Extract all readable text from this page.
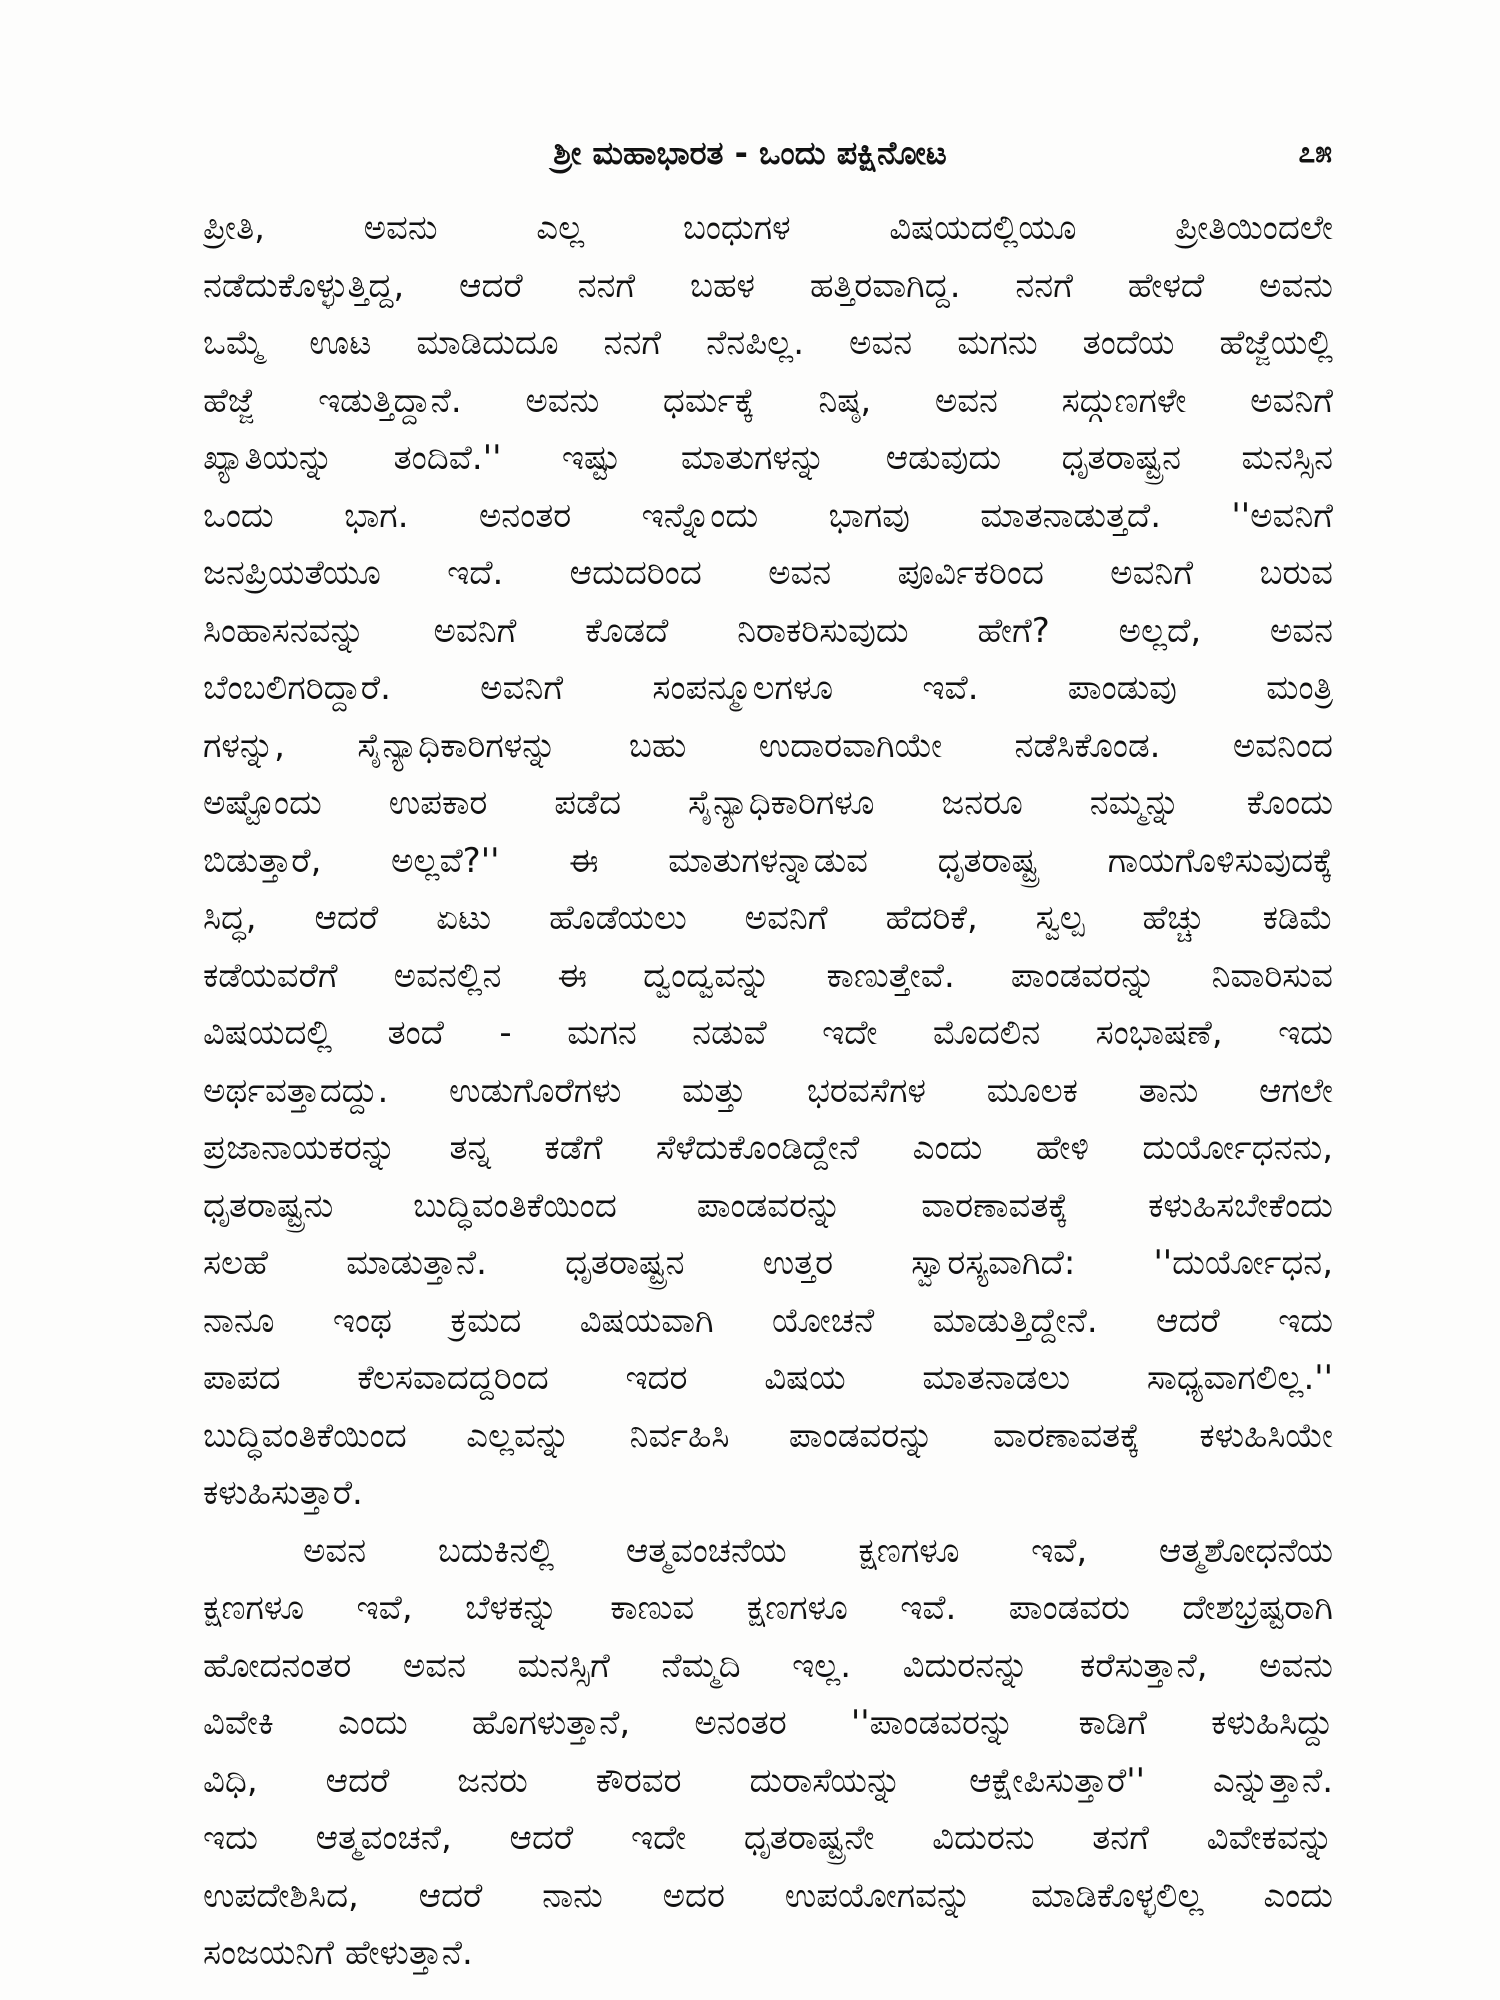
ಶ್ರೀ ಮಹಾಭಾರತ - ಒಂದು ಪಕ್ಷಿನೋಟ	೭೫
ಪ್ರೀತಿ, ಅವನು ಎಲ್ಲ ಬಂಧುಗಳ ವಿಷಯದಲ್ಲಿಯೂ ಪ್ರೀತಿಯಿಂದಲೇ
ನಡೆದುಕೊಳ್ಳುತ್ತಿದ್ದ, ಆದರೆ ನನಗೆ ಬಹಳ ಹತ್ತಿರವಾಗಿದ್ದ. ನನಗೆ ಹೇಳದೆ ಅವನು
ಒಮ್ಮೆ ಊಟ ಮಾಡಿದುದೂ ನನಗೆ ನೆನಪಿಲ್ಲ. ಅವನ ಮಗನು ತಂದೆಯ ಹೆಜ್ಜೆಯಲ್ಲಿ
ಹೆಜ್ಜೆ ಇಡುತ್ತಿದ್ದಾನೆ. ಅವನು ಧರ್ಮಕ್ಕೆ ನಿಷ್ಠ, ಅವನ ಸದ್ಗುಣಗಳೇ ಅವನಿಗೆ
ಖ್ಯಾತಿಯನ್ನು ತಂದಿವೆ.'' ಇಷ್ಟು ಮಾತುಗಳನ್ನು ಆಡುವುದು ಧೃತರಾಷ್ಟ್ರನ ಮನಸ್ಸಿನ
ಒಂದು ಭಾಗ. ಅನಂತರ ಇನ್ನೊಂದು ಭಾಗವು ಮಾತನಾಡುತ್ತದೆ. ''ಅವನಿಗೆ
ಜನಪ್ರಿಯತೆಯೂ ಇದೆ. ಆದುದರಿಂದ ಅವನ ಪೂರ್ವಿಕರಿಂದ ಅವನಿಗೆ ಬರುವ
ಸಿಂಹಾಸನವನ್ನು ಅವನಿಗೆ ಕೊಡದೆ ನಿರಾಕರಿಸುವುದು ಹೇಗೆ? ಅಲ್ಲದೆ, ಅವನ
ಬೆಂಬಲಿಗರಿದ್ದಾರೆ. ಅವನಿಗೆ ಸಂಪನ್ಮೂಲಗಳೂ ಇವೆ. ಪಾಂಡುವು ಮಂತ್ರಿ
ಗಳನ್ನು, ಸೈನ್ಯಾಧಿಕಾರಿಗಳನ್ನು ಬಹು ಉದಾರವಾಗಿಯೇ ನಡೆಸಿಕೊಂಡ. ಅವನಿಂದ
ಅಷ್ಟೊಂದು ಉಪಕಾರ ಪಡೆದ ಸೈನ್ಯಾಧಿಕಾರಿಗಳೂ ಜನರೂ ನಮ್ಮನ್ನು ಕೊಂದು
ಬಿಡುತ್ತಾರೆ, ಅಲ್ಲವೆ?'' ಈ ಮಾತುಗಳನ್ನಾಡುವ ಧೃತರಾಷ್ಟ್ರ ಗಾಯಗೊಳಿಸುವುದಕ್ಕೆ
ಸಿದ್ಧ, ಆದರೆ ಏಟು ಹೊಡೆಯಲು ಅವನಿಗೆ ಹೆದರಿಕೆ, ಸ್ವಲ್ಪ ಹೆಚ್ಚು ಕಡಿಮೆ
ಕಡೆಯವರೆಗೆ ಅವನಲ್ಲಿನ ಈ ದ್ವಂದ್ವವನ್ನು ಕಾಣುತ್ತೇವೆ. ಪಾಂಡವರನ್ನು ನಿವಾರಿಸುವ
ವಿಷಯದಲ್ಲಿ ತಂದೆ - ಮಗನ ನಡುವೆ ಇದೇ ಮೊದಲಿನ ಸಂಭಾಷಣೆ, ಇದು
ಅರ್ಥವತ್ತಾದದ್ದು. ಉಡುಗೊರೆಗಳು ಮತ್ತು ಭರವಸೆಗಳ ಮೂಲಕ ತಾನು ಆಗಲೇ
ಪ್ರಜಾನಾಯಕರನ್ನು ತನ್ನ ಕಡೆಗೆ ಸೆಳೆದುಕೊಂಡಿದ್ದೇನೆ ಎಂದು ಹೇಳಿ ದುರ್ಯೋಧನನು,
ಧೃತರಾಷ್ಟ್ರನು ಬುದ್ಧಿವಂತಿಕೆಯಿಂದ ಪಾಂಡವರನ್ನು ವಾರಣಾವತಕ್ಕೆ ಕಳುಹಿಸಬೇಕೆಂದು
ಸಲಹೆ ಮಾಡುತ್ತಾನೆ. ಧೃತರಾಷ್ಟ್ರನ ಉತ್ತರ ಸ್ವಾರಸ್ಯವಾಗಿದೆ: ''ದುರ್ಯೋಧನ,
ನಾನೂ ಇಂಥ ಕ್ರಮದ ವಿಷಯವಾಗಿ ಯೋಚನೆ ಮಾಡುತ್ತಿದ್ದೇನೆ. ಆದರೆ ಇದು
ಪಾಪದ ಕೆಲಸವಾದದ್ದರಿಂದ ಇದರ ವಿಷಯ ಮಾತನಾಡಲು ಸಾಧ್ಯವಾಗಲಿಲ್ಲ.''
ಬುದ್ಧಿವಂತಿಕೆಯಿಂದ ಎಲ್ಲವನ್ನು ನಿರ್ವಹಿಸಿ ಪಾಂಡವರನ್ನು ವಾರಣಾವತಕ್ಕೆ ಕಳುಹಿಸಿಯೇ
ಕಳುಹಿಸುತ್ತಾರೆ.
ಅವನ ಬದುಕಿನಲ್ಲಿ ಆತ್ಮವಂಚನೆಯ ಕ್ಷಣಗಳೂ ಇವೆ, ಆತ್ಮಶೋಧನೆಯ
ಕ್ಷಣಗಳೂ ಇವೆ, ಬೆಳಕನ್ನು ಕಾಣುವ ಕ್ಷಣಗಳೂ ಇವೆ. ಪಾಂಡವರು ದೇಶಭ್ರಷ್ಟರಾಗಿ
ಹೋದನಂತರ ಅವನ ಮನಸ್ಸಿಗೆ ನೆಮ್ಮದಿ ಇಲ್ಲ. ವಿದುರನನ್ನು ಕರೆಸುತ್ತಾನೆ, ಅವನು
ವಿವೇಕಿ ಎಂದು ಹೊಗಳುತ್ತಾನೆ, ಅನಂತರ ''ಪಾಂಡವರನ್ನು ಕಾಡಿಗೆ ಕಳುಹಿಸಿದ್ದು
ವಿಧಿ, ಆದರೆ ಜನರು ಕೌರವರ ದುರಾಸೆಯನ್ನು ಆಕ್ಷೇಪಿಸುತ್ತಾರೆ'' ಎನ್ನುತ್ತಾನೆ.
ಇದು ಆತ್ಮವಂಚನೆ, ಆದರೆ ಇದೇ ಧೃತರಾಷ್ಟ್ರನೇ ವಿದುರನು ತನಗೆ ವಿವೇಕವನ್ನು
ಉಪದೇಶಿಸಿದ, ಆದರೆ ನಾನು ಅದರ ಉಪಯೋಗವನ್ನು ಮಾಡಿಕೊಳ್ಳಲಿಲ್ಲ ಎಂದು
ಸಂಜಯನಿಗೆ ಹೇಳುತ್ತಾನೆ.
